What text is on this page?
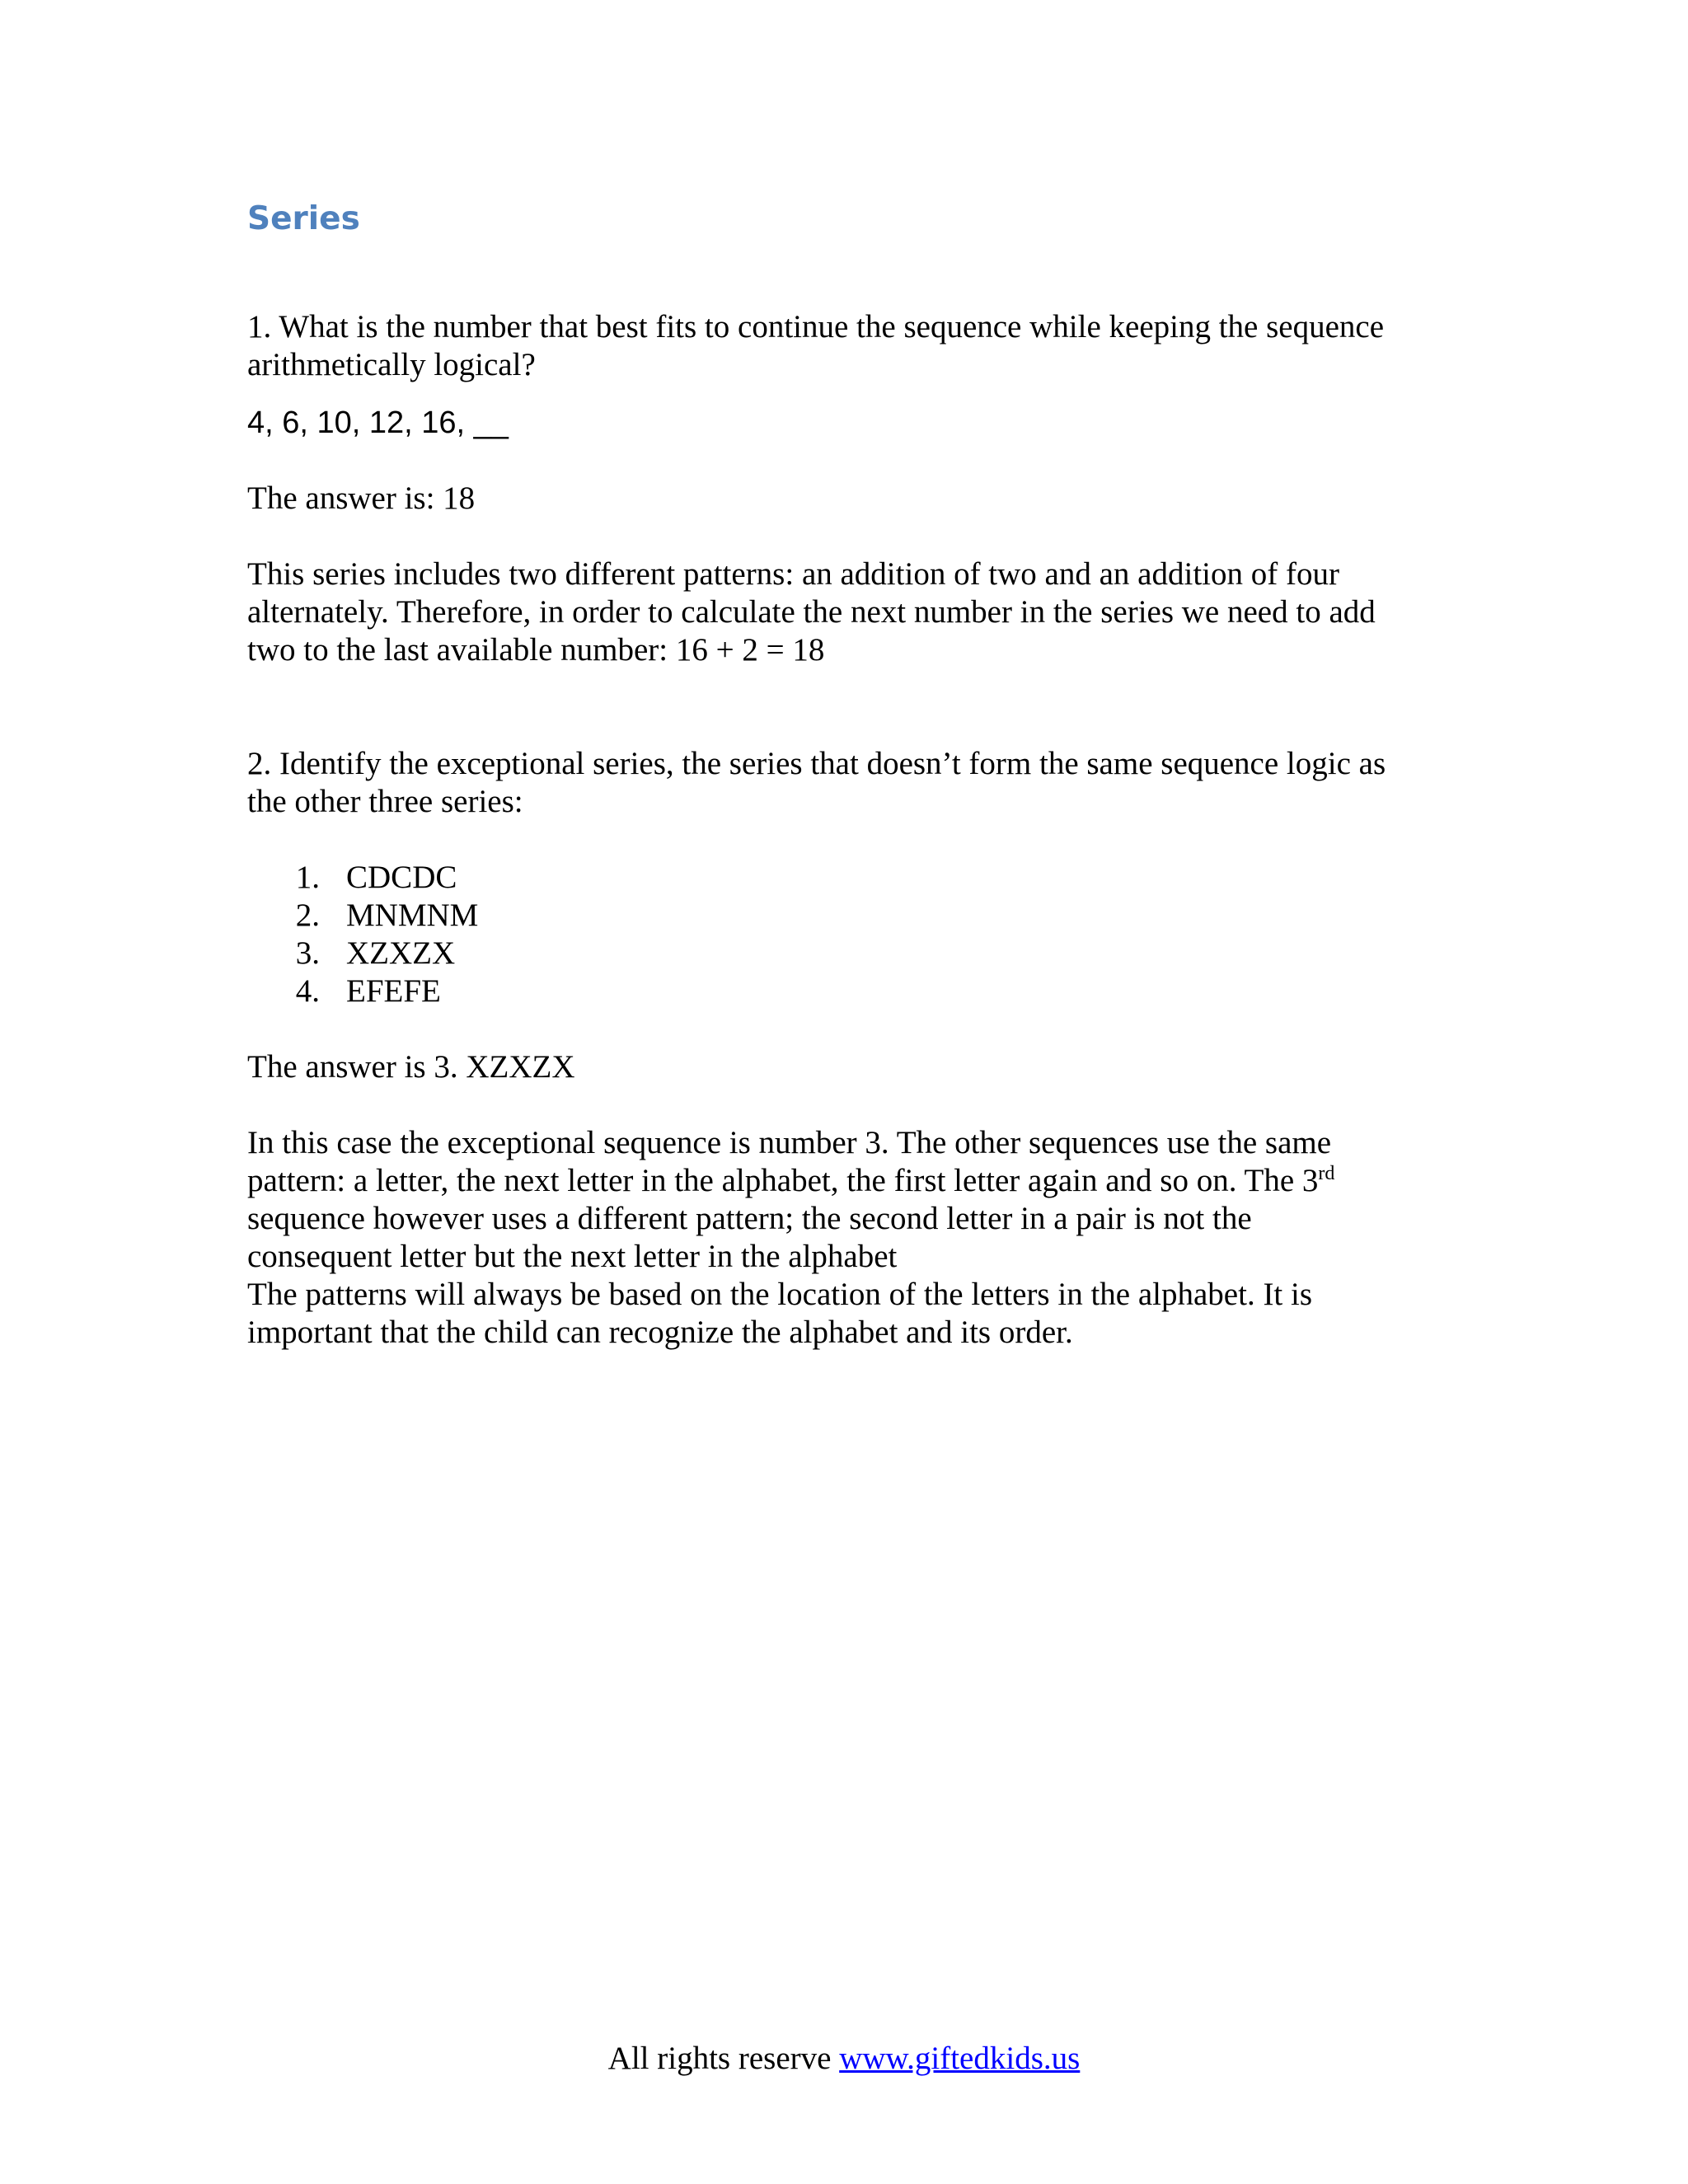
Series

1. What is the number that best fits to continue the sequence while keeping the sequence

arithmetically logical?

4, 6, 10, 12, 16, __

The answer is: 18

This series includes two different patterns: an addition of two and an addition of four

alternately. Therefore, in order to calculate the next number in the series we need to add

two to the last available number: 16 + 2 = 18

2. Identify the exceptional series, the series that doesn’t form the same sequence logic as

the other three series:

1. CDCDC
2. MNMNM
3. XZXZX
4. EFEFE

The answer is 3. XZXZX

In this case the exceptional sequence is number 3. The other sequences use the same

pattern: a letter, the next letter in the alphabet, the first letter again and so on. The 3rd

sequence however uses a different pattern; the second letter in a pair is not the

consequent letter but the next letter in the alphabet

The patterns will always be based on the location of the letters in the alphabet. It is

important that the child can recognize the alphabet and its order.

All rights reserve www.giftedkids.us
